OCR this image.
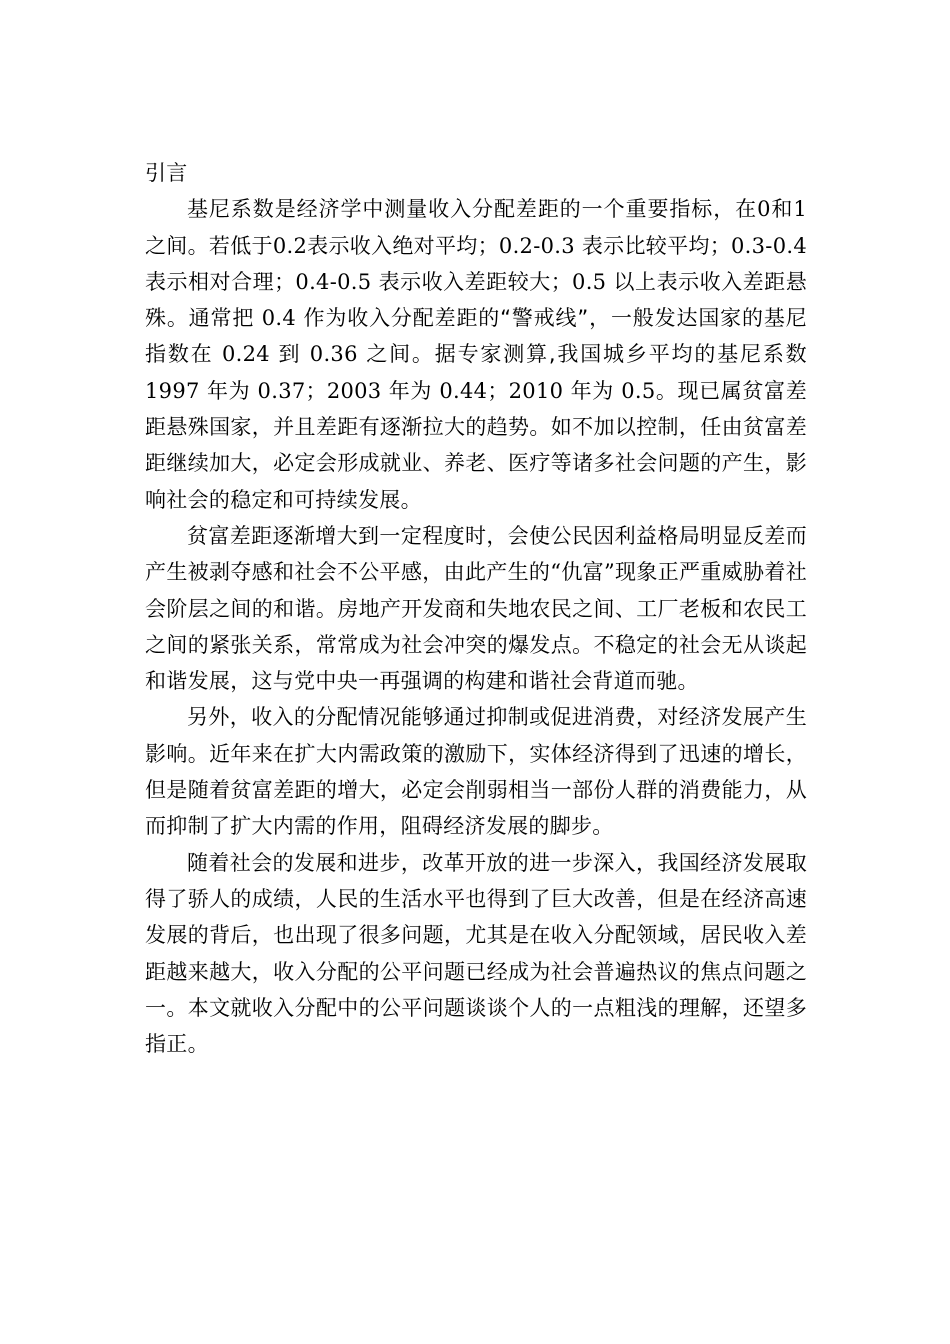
引言

基尼系数是经济学中测量收入分配差距的一个重要指标，在0和1之间。若低于0.2表示收入绝对平均；0.2-0.3 表示比较平均；0.3-0.4 表示相对合理；0.4-0.5 表示收入差距较大；0.5 以上表示收入差距悬殊。通常把 0.4 作为收入分配差距的“警戒线”，一般发达国家的基尼指数在 0.24 到 0.36 之间。据专家测算,我国城乡平均的基尼系数 1997 年为 0.37；2003 年为 0.44；2010 年为 0.5。现已属贫富差距悬殊国家，并且差距有逐渐拉大的趋势。如不加以控制，任由贫富差距继续加大，必定会形成就业、养老、医疗等诸多社会问题的产生，影响社会的稳定和可持续发展。

贫富差距逐渐增大到一定程度时，会使公民因利益格局明显反差而产生被剥夺感和社会不公平感，由此产生的“仇富”现象正严重威胁着社会阶层之间的和谐。房地产开发商和失地农民之间、工厂老板和农民工之间的紧张关系，常常成为社会冲突的爆发点。不稳定的社会无从谈起和谐发展，这与党中央一再强调的构建和谐社会背道而驰。

另外，收入的分配情况能够通过抑制或促进消费，对经济发展产生影响。近年来在扩大内需政策的激励下，实体经济得到了迅速的增长，但是随着贫富差距的增大，必定会削弱相当一部份人群的消费能力，从而抑制了扩大内需的作用，阻碍经济发展的脚步。

随着社会的发展和进步，改革开放的进一步深入，我国经济发展取得了骄人的成绩，人民的生活水平也得到了巨大改善，但是在经济高速发展的背后，也出现了很多问题，尤其是在收入分配领域，居民收入差距越来越大，收入分配的公平问题已经成为社会普遍热议的焦点问题之一。本文就收入分配中的公平问题谈谈个人的一点粗浅的理解，还望多指正。
